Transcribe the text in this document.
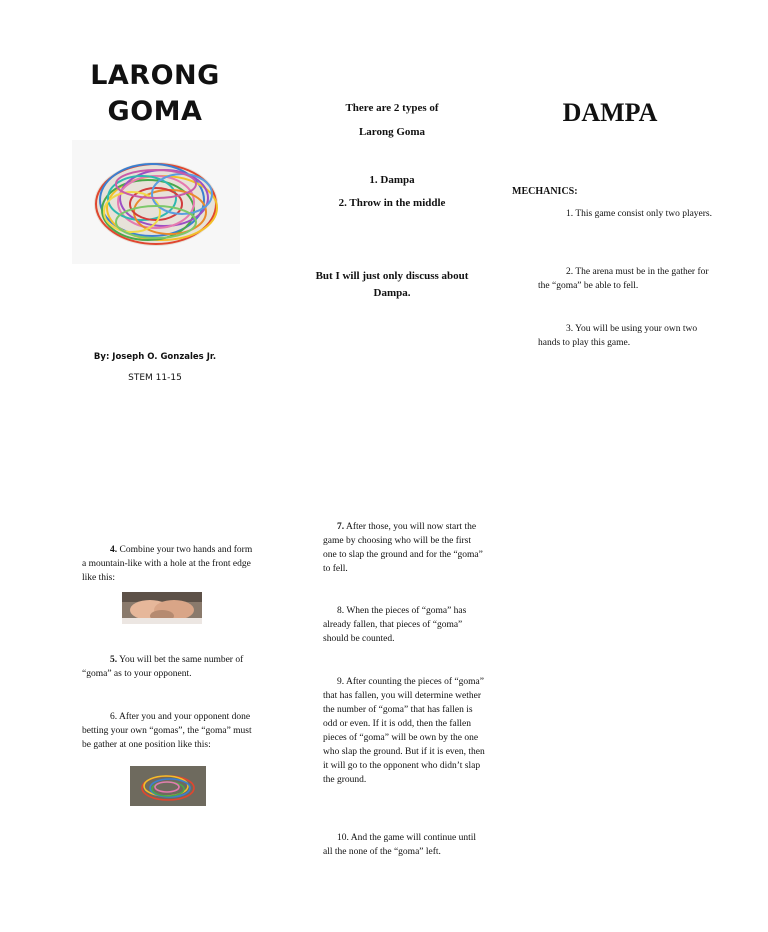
LARONG
GOMA
By: Joseph O. Gonzales Jr.
STEM 11-15
There are 2 types of
Larong Goma
1. Dampa
2. Throw in the middle
But I will just only discuss about
Dampa.
DAMPA
MECHANICS:
1. This game consist only two players.
2. The arena must be in the gather for the “goma” be able to fell.
3. You will be using your own two hands to play this game.
4. Combine your two hands and form a mountain-like with a hole at the front edge like this:
5. You will bet the same number of “goma” as to your opponent.
6. After you and your opponent done betting your own “gomas”, the “goma” must be gather at one position like this:
7. After those, you will now start the game by choosing who will be the first one to slap the ground and for the “goma” to fell.
8. When the pieces of “goma” has already fallen, that pieces of “goma” should be counted.
9. After counting the pieces of “goma” that has fallen, you will determine wether the number of “goma” that has fallen is odd or even. If it is odd, then the fallen pieces of “goma” will be own by the one who slap the ground. But if it is even, then it will go to the opponent who didn’t slap the ground.
10. And the game will continue until all the none of the “goma” left.
